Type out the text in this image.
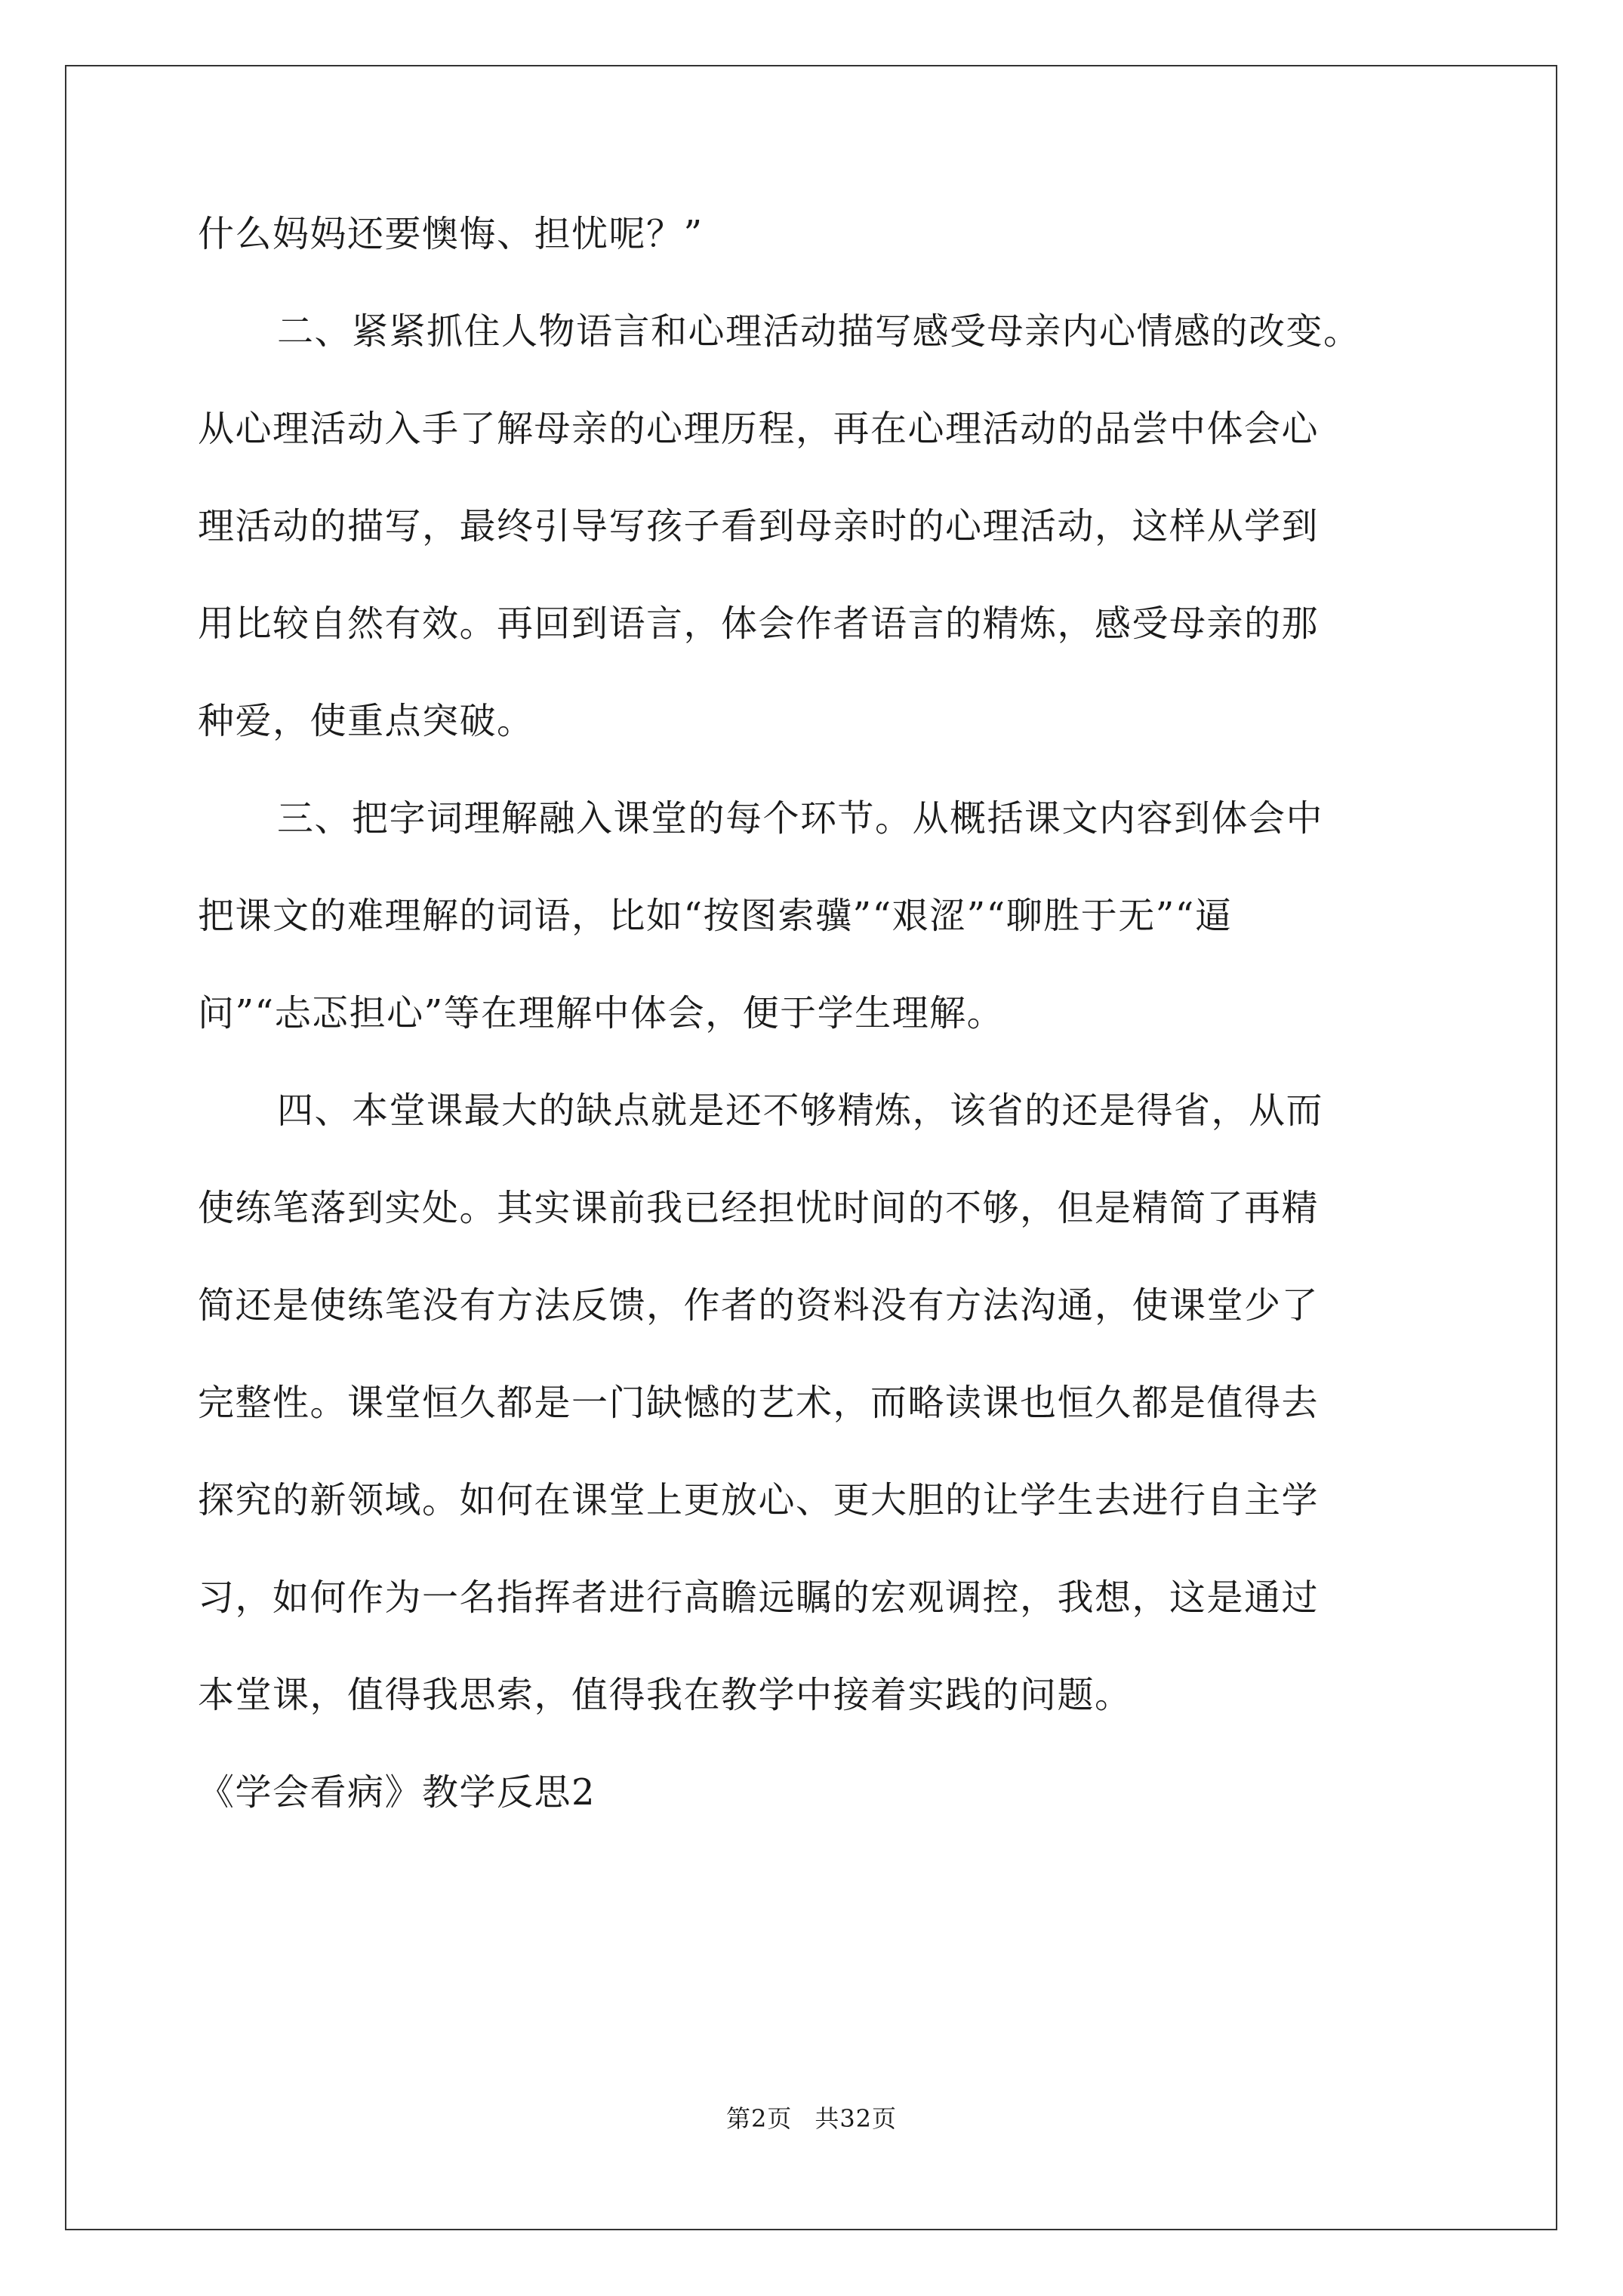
什么妈妈还要懊悔、担忧呢？”
二、紧紧抓住人物语言和心理活动描写感受母亲内心情感的改变。
从心理活动入手了解母亲的心理历程，再在心理活动的品尝中体会心
理活动的描写，最终引导写孩子看到母亲时的心理活动，这样从学到
用比较自然有效。再回到语言，体会作者语言的精炼，感受母亲的那
种爱，使重点突破。
三、把字词理解融入课堂的每个环节。从概括课文内容到体会中
把课文的难理解的词语，比如“按图索骥”“艰涩”“聊胜于无”“逼
问”“忐忑担心”等在理解中体会，便于学生理解。
四、本堂课最大的缺点就是还不够精炼，该省的还是得省，从而
使练笔落到实处。其实课前我已经担忧时间的不够，但是精简了再精
简还是使练笔没有方法反馈，作者的资料没有方法沟通，使课堂少了
完整性。课堂恒久都是一门缺憾的艺术，而略读课也恒久都是值得去
探究的新领域。如何在课堂上更放心、更大胆的让学生去进行自主学
习，如何作为一名指挥者进行高瞻远瞩的宏观调控，我想，这是通过
本堂课，值得我思索，值得我在教学中接着实践的问题。
《学会看病》教学反思2
第2页 共32页
